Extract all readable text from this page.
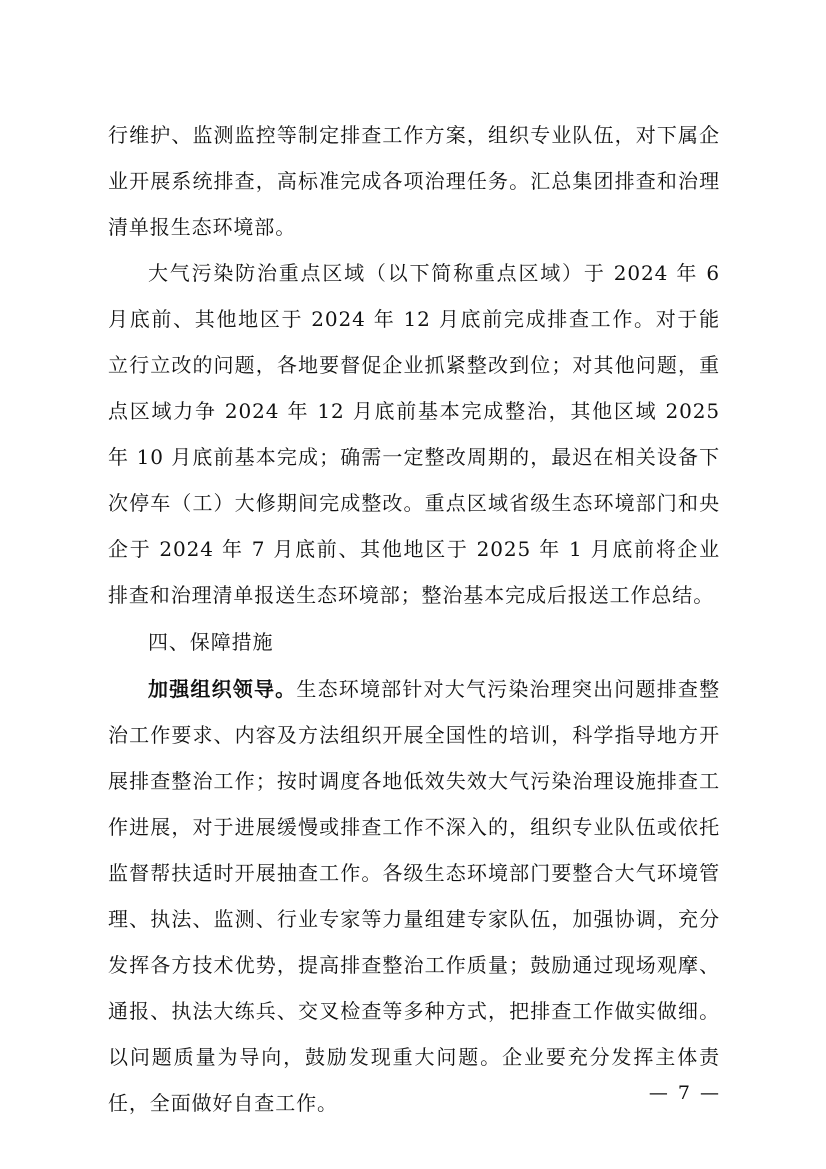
行维护、监测监控等制定排查工作方案，组织专业队伍，对下属企业开展系统排查，高标准完成各项治理任务。汇总集团排查和治理清单报生态环境部。

大气污染防治重点区域（以下简称重点区域）于 2024 年 6 月底前、其他地区于 2024 年 12 月底前完成排查工作。对于能立行立改的问题，各地要督促企业抓紧整改到位；对其他问题，重点区域力争 2024 年 12 月底前基本完成整治，其他区域 2025 年 10 月底前基本完成；确需一定整改周期的，最迟在相关设备下次停车（工）大修期间完成整改。重点区域省级生态环境部门和央企于 2024 年 7 月底前、其他地区于 2025 年 1 月底前将企业排查和治理清单报送生态环境部；整治基本完成后报送工作总结。

四、保障措施

加强组织领导。生态环境部针对大气污染治理突出问题排查整治工作要求、内容及方法组织开展全国性的培训，科学指导地方开展排查整治工作；按时调度各地低效失效大气污染治理设施排查工作进展，对于进展缓慢或排查工作不深入的，组织专业队伍或依托监督帮扶适时开展抽查工作。各级生态环境部门要整合大气环境管理、执法、监测、行业专家等力量组建专家队伍，加强协调，充分发挥各方技术优势，提高排查整治工作质量；鼓励通过现场观摩、通报、执法大练兵、交叉检查等多种方式，把排查工作做实做细。以问题质量为导向，鼓励发现重大问题。企业要充分发挥主体责任，全面做好自查工作。	— 7 —
